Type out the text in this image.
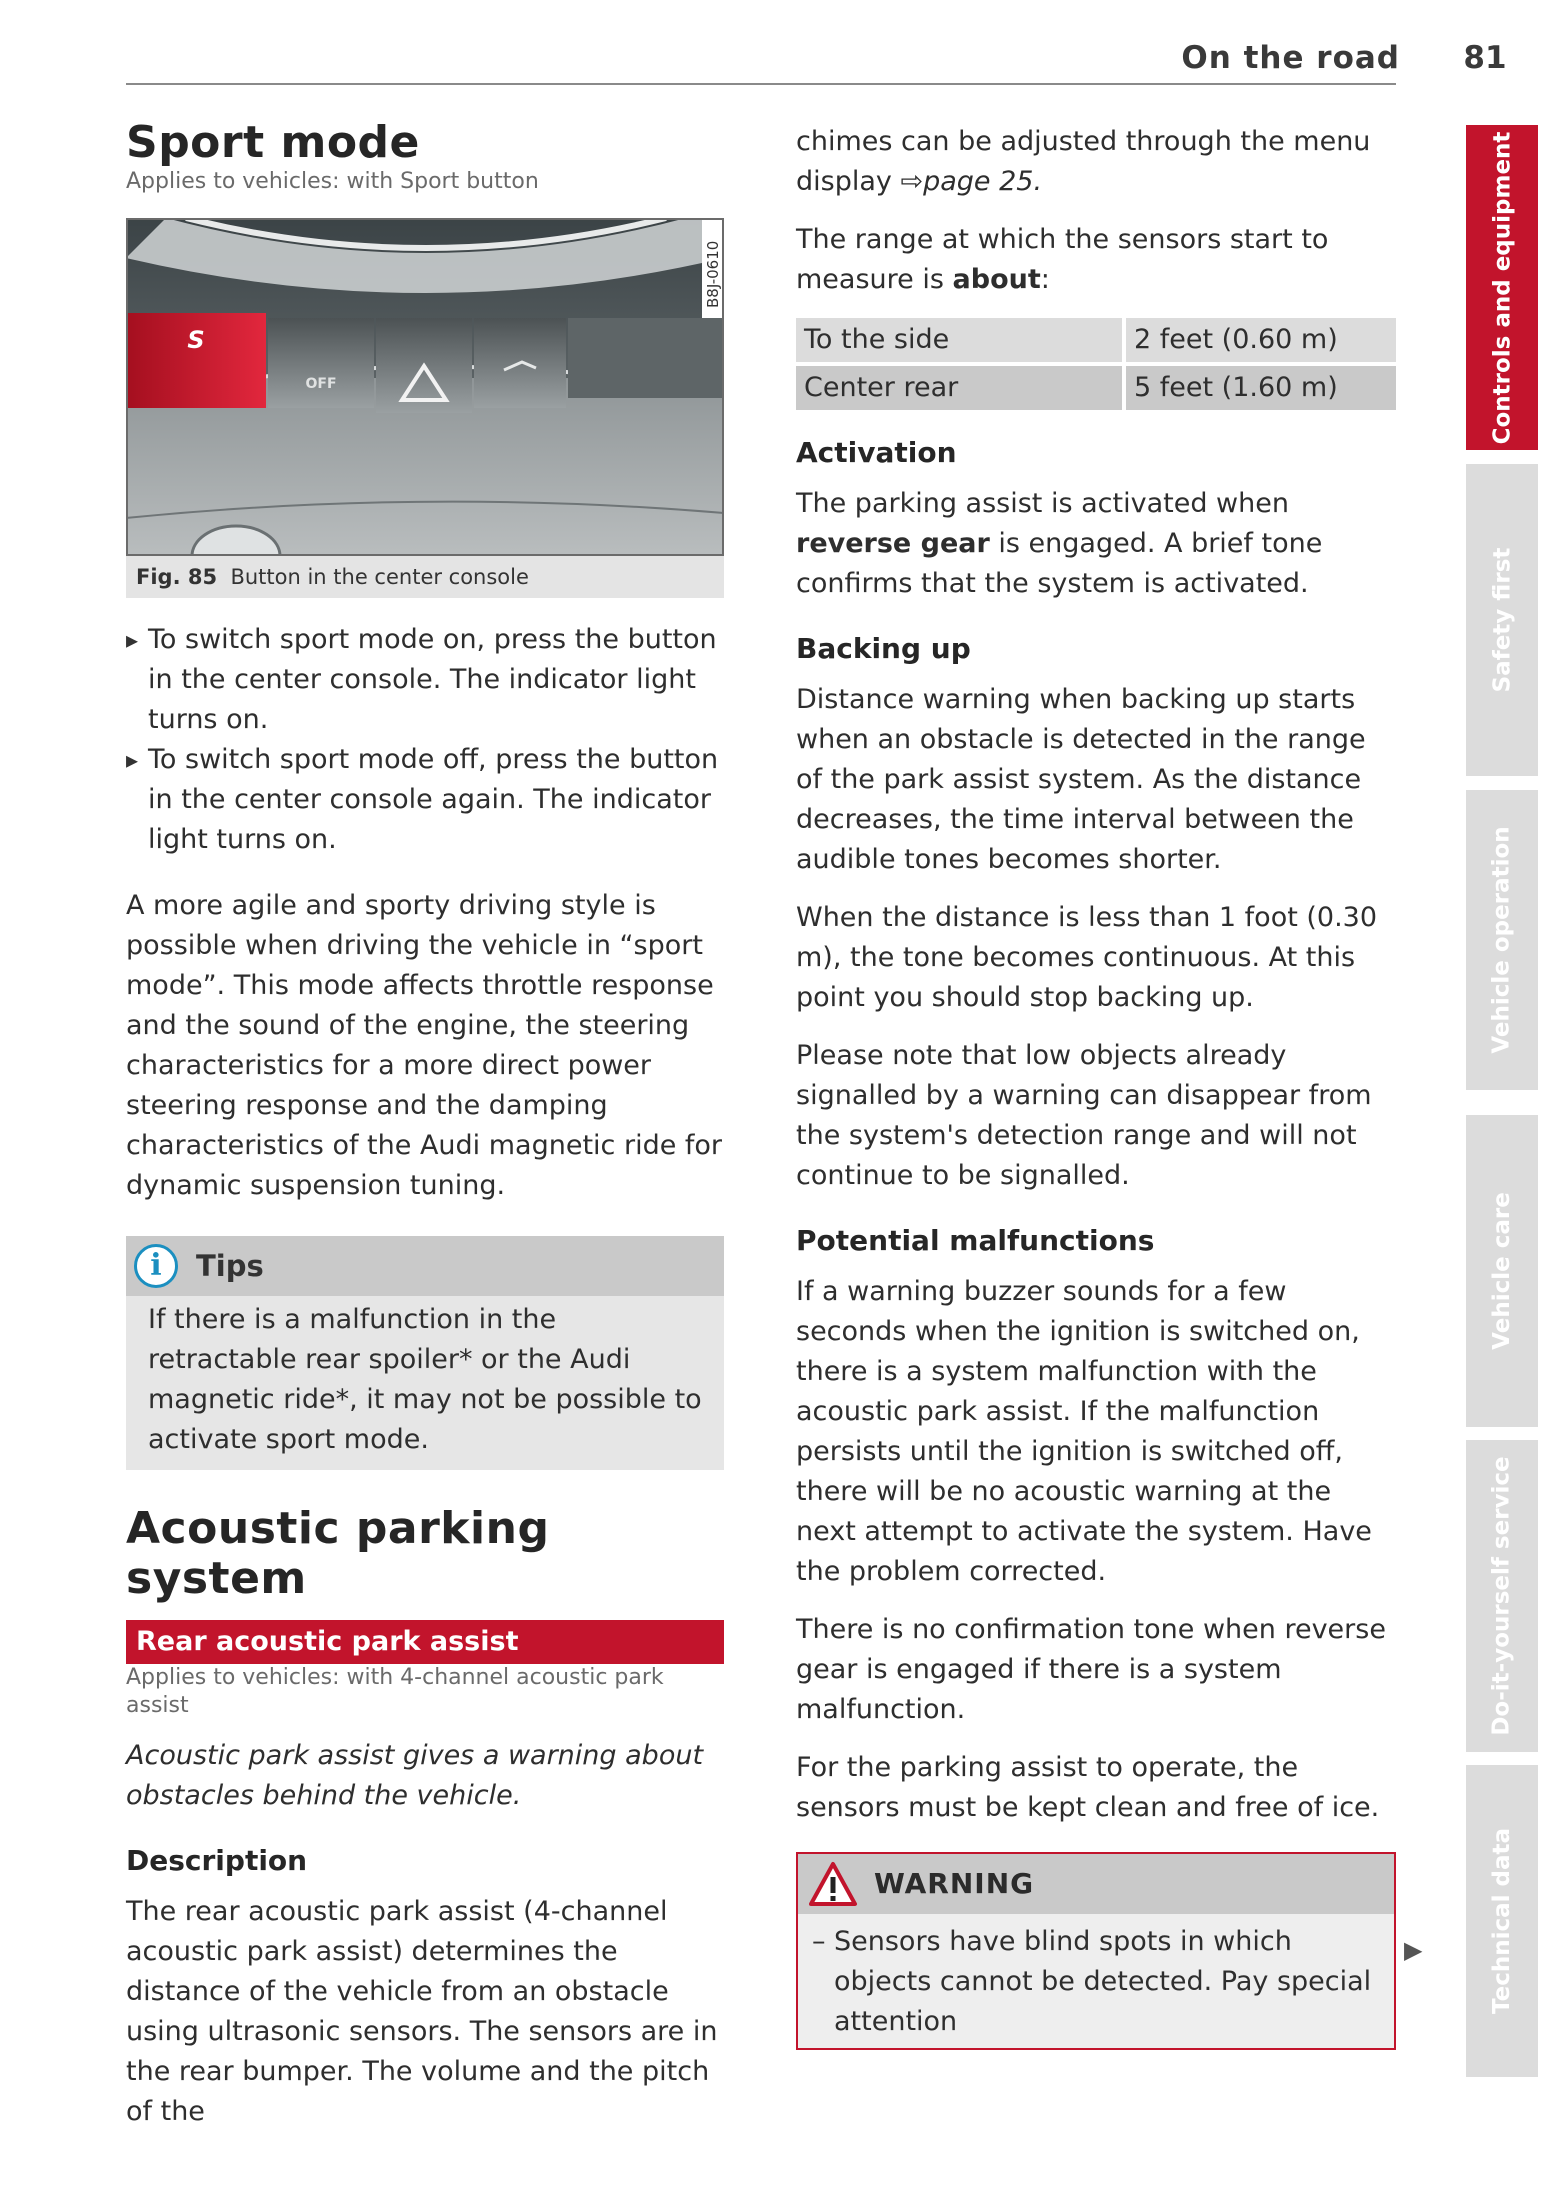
On the road	81
Sport mode

Applies to vehicles: with Sport button

S
OFF
B8J-0610
Fig. 85 Button in the center console
▸ To switch sport mode on, press the button in the center console. The indicator light turns on.
▸ To switch sport mode off, press the button in the center console again. The indicator light turns on.

A more agile and sporty driving style is possible when driving the vehicle in “sport mode”. This mode affects throttle response and the sound of the engine, the steering characteristics for a more direct power steering response and the damping characteristics of the Audi magnetic ride for dynamic suspension tuning.

i	Tips
If there is a malfunction in the retractable rear spoiler* or the Audi magnetic ride*, it may not be possible to activate sport mode.
Acoustic parking
system
Rear acoustic park assist

Applies to vehicles: with 4-channel acoustic park assist

Acoustic park assist gives a warning about obstacles behind the vehicle.

Description

The rear acoustic park assist (4-channel acoustic park assist) determines the distance of the vehicle from an obstacle using ultrasonic sensors. The sensors are in the rear bumper. The volume and the pitch of the

chimes can be adjusted through the menu display ⇨page 25.

The range at which the sensors start to measure is about:

To the side	2 feet (0.60 m)
Center rear	5 feet (1.60 m)
Activation

The parking assist is activated when reverse gear is engaged. A brief tone confirms that the system is activated.

Backing up

Distance warning when backing up starts when an obstacle is detected in the range of the park assist system. As the distance decreases, the time interval between the audible tones becomes shorter.

When the distance is less than 1 foot (0.30 m), the tone becomes continuous. At this point you should stop backing up.

Please note that low objects already signalled by a warning can disappear from the system's detection range and will not continue to be signalled.

Potential malfunctions

If a warning buzzer sounds for a few seconds when the ignition is switched on, there is a system malfunction with the acoustic park assist. If the malfunction persists until the ignition is switched off, there will be no acoustic warning at the next attempt to activate the system. Have the problem corrected.

There is no confirmation tone when reverse gear is engaged if there is a system malfunction.

For the parking assist to operate, the sensors must be kept clean and free of ice.

WARNING
– Sensors have blind spots in which objects cannot be detected. Pay special attention
▶
Controls and equipment
Safety first
Vehicle operation
Vehicle care
Do-it-yourself service
Technical data
